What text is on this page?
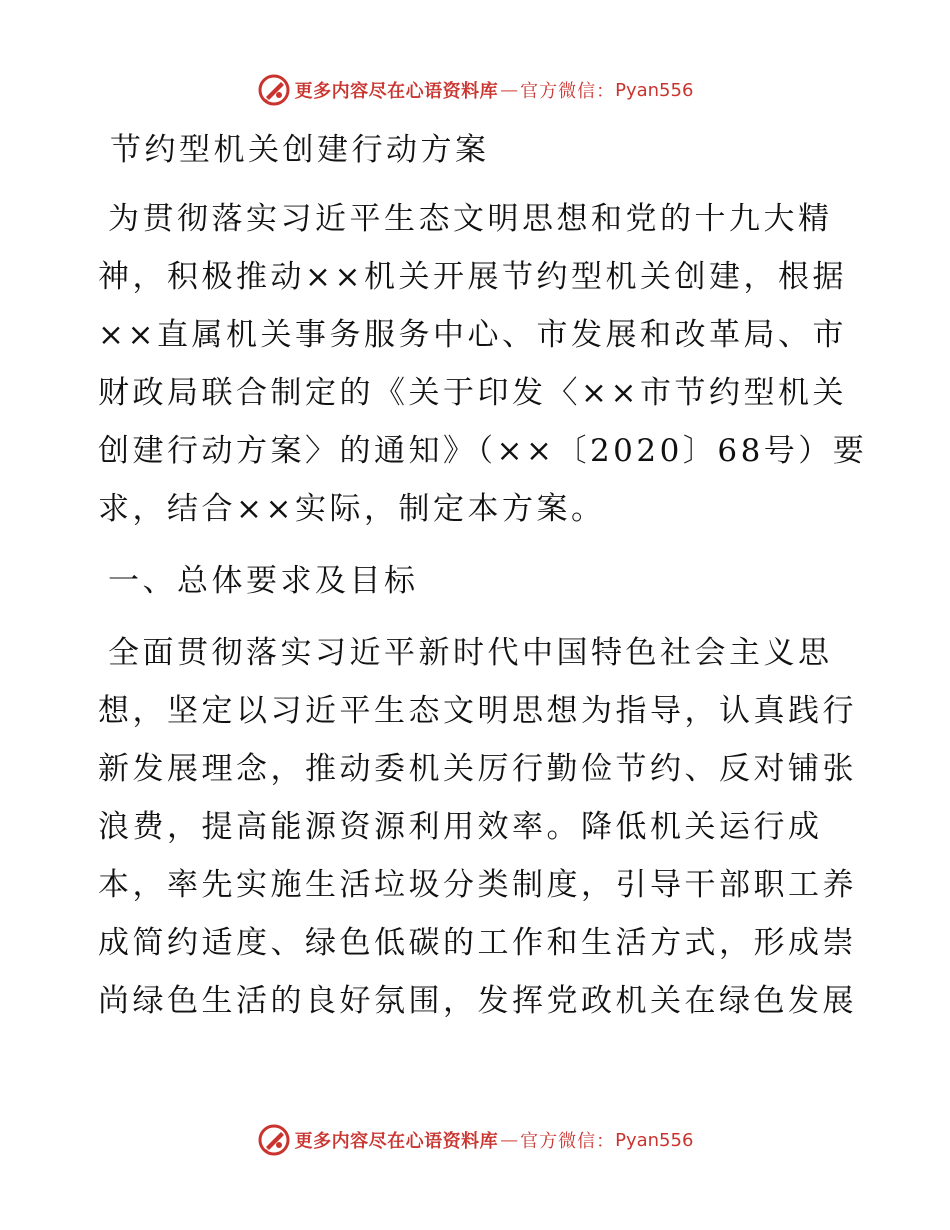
更多内容尽在心语资料库 — 官方微信： Pyan556
节约型机关创建行动方案
为贯彻落实习近平生态文明思想和党的十九大精
神，积极推动××机关开展节约型机关创建，根据
××直属机关事务服务中心、市发展和改革局、市
财政局联合制定的《关于印发〈××市节约型机关
创建行动方案〉的通知》（××〔2020〕68号）要
求，结合××实际，制定本方案。
一、总体要求及目标
全面贯彻落实习近平新时代中国特色社会主义思
想，坚定以习近平生态文明思想为指导，认真践行
新发展理念，推动委机关厉行勤俭节约、反对铺张
浪费，提高能源资源利用效率。降低机关运行成
本，率先实施生活垃圾分类制度，引导干部职工养
成简约适度、绿色低碳的工作和生活方式，形成崇
尚绿色生活的良好氛围，发挥党政机关在绿色发展
更多内容尽在心语资料库 — 官方微信： Pyan556
